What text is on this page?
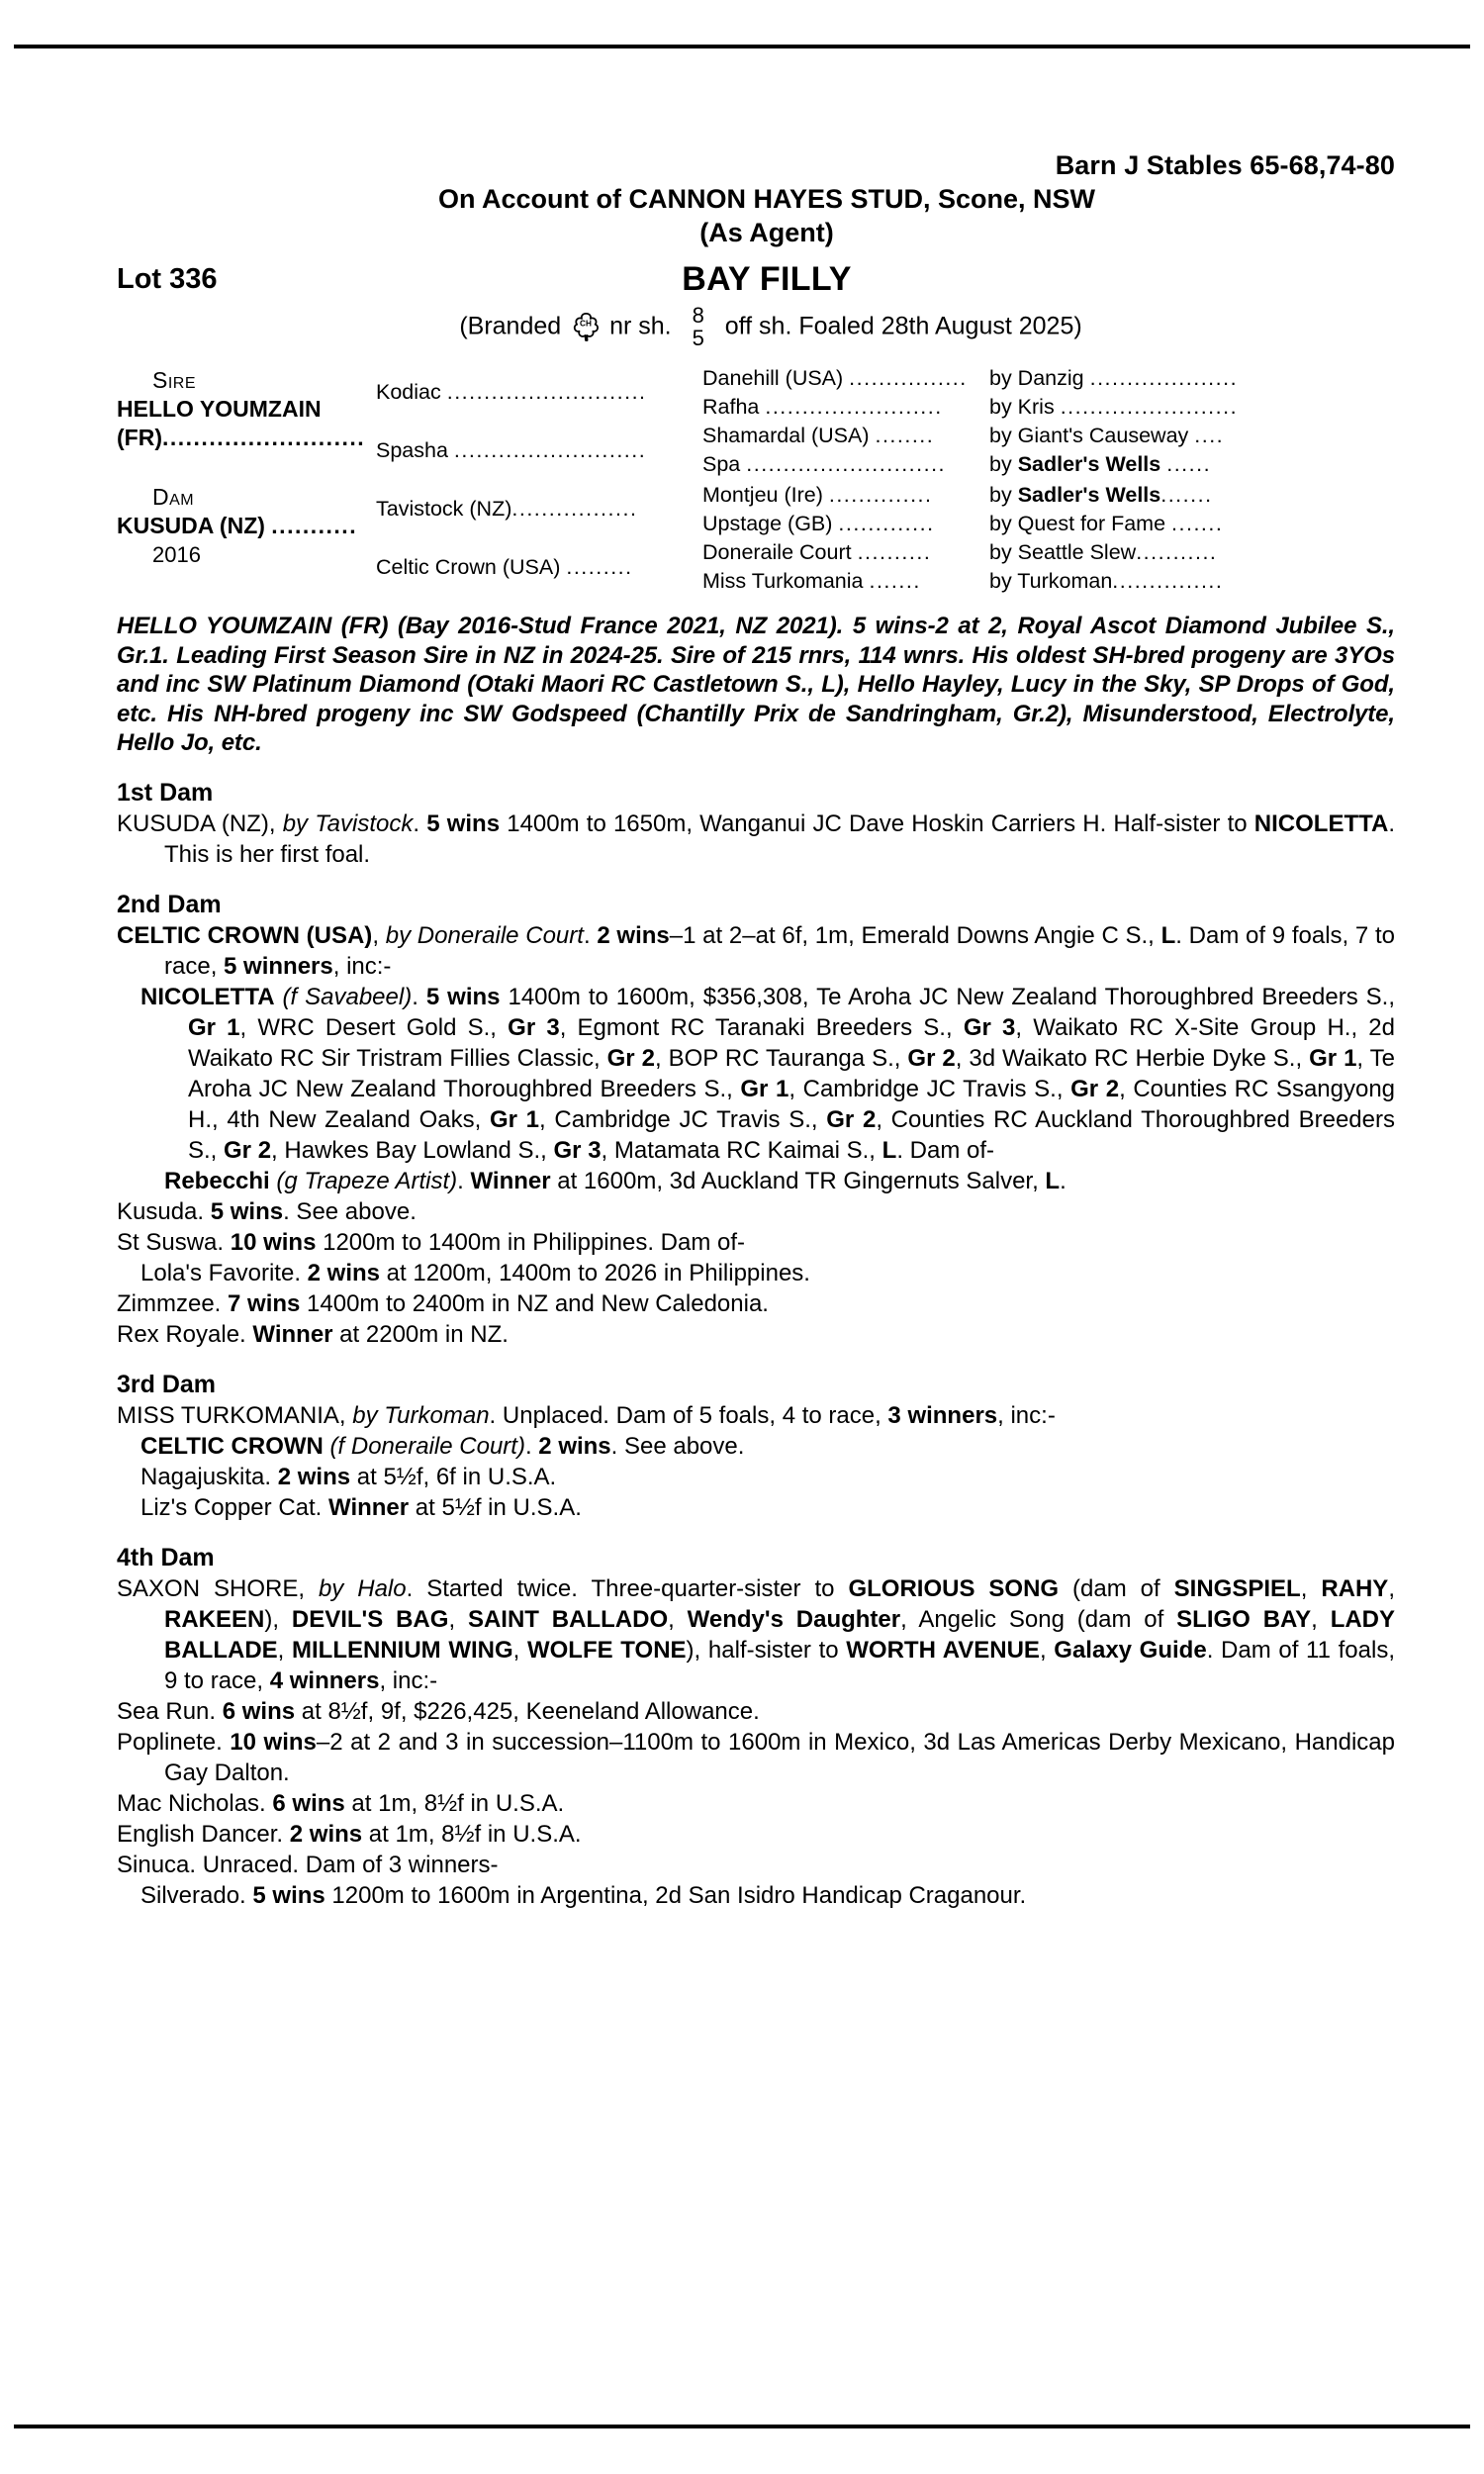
Barn J Stables 65-68,74-80
On Account of CANNON HAYES STUD, Scone, NSW
(As Agent)
Lot 336	BAY FILLY
(Branded CH nr sh. 8
5 off sh. Foaled 28th August 2025)
Sire
HELLO YOUMZAIN
(FR)..........................
Kodiac ...........................
Spasha ..........................
Danehill (USA) ................
Rafha ........................
Shamardal (USA) ........
Spa ...........................
by Danzig ....................
by Kris ........................
by Giant's Causeway ....
by Sadler's Wells ......
Dam
KUSUDA (NZ) ...........
2016
Tavistock (NZ).................
Celtic Crown (USA) .........
Montjeu (Ire) ..............
Upstage (GB) .............
Doneraile Court ..........
Miss Turkomania .......
by Sadler's Wells.......
by Quest for Fame .......
by Seattle Slew...........
by Turkoman...............
HELLO YOUMZAIN (FR) (Bay 2016-Stud France 2021, NZ 2021). 5 wins-2 at 2, Royal Ascot Diamond Jubilee S., Gr.1. Leading First Season Sire in NZ in 2024-25. Sire of 215 rnrs, 114 wnrs. His oldest SH-bred progeny are 3YOs and inc SW Platinum Diamond (Otaki Maori RC Castletown S., L), Hello Hayley, Lucy in the Sky, SP Drops of God, etc. His NH-bred progeny inc SW Godspeed (Chantilly Prix de Sandringham, Gr.2), Misunderstood, Electrolyte, Hello Jo, etc.
1st Dam
KUSUDA (NZ), by Tavistock. 5 wins 1400m to 1650m, Wanganui JC Dave Hoskin Carriers H. Half-sister to NICOLETTA. This is her first foal.
2nd Dam
CELTIC CROWN (USA), by Doneraile Court. 2 wins–1 at 2–at 6f, 1m, Emerald Downs Angie C S., L. Dam of 9 foals, 7 to race, 5 winners, inc:-
NICOLETTA (f Savabeel). 5 wins 1400m to 1600m, $356,308, Te Aroha JC New Zealand Thoroughbred Breeders S., Gr 1, WRC Desert Gold S., Gr 3, Egmont RC Taranaki Breeders S., Gr 3, Waikato RC X-Site Group H., 2d Waikato RC Sir Tristram Fillies Classic, Gr 2, BOP RC Tauranga S., Gr 2, 3d Waikato RC Herbie Dyke S., Gr 1, Te Aroha JC New Zealand Thoroughbred Breeders S., Gr 1, Cambridge JC Travis S., Gr 2, Counties RC Ssangyong H., 4th New Zealand Oaks, Gr 1, Cambridge JC Travis S., Gr 2, Counties RC Auckland Thoroughbred Breeders S., Gr 2, Hawkes Bay Lowland S., Gr 3, Matamata RC Kaimai S., L. Dam of-
Rebecchi (g Trapeze Artist). Winner at 1600m, 3d Auckland TR Gingernuts Salver, L.
Kusuda. 5 wins. See above.
St Suswa. 10 wins 1200m to 1400m in Philippines. Dam of-
Lola's Favorite. 2 wins at 1200m, 1400m to 2026 in Philippines.
Zimmzee. 7 wins 1400m to 2400m in NZ and New Caledonia.
Rex Royale. Winner at 2200m in NZ.
3rd Dam
MISS TURKOMANIA, by Turkoman. Unplaced. Dam of 5 foals, 4 to race, 3 winners, inc:-
CELTIC CROWN (f Doneraile Court). 2 wins. See above.
Nagajuskita. 2 wins at 5½f, 6f in U.S.A.
Liz's Copper Cat. Winner at 5½f in U.S.A.
4th Dam
SAXON SHORE, by Halo. Started twice. Three-quarter-sister to GLORIOUS SONG (dam of SINGSPIEL, RAHY, RAKEEN), DEVIL'S BAG, SAINT BALLADO, Wendy's Daughter, Angelic Song (dam of SLIGO BAY, LADY BALLADE, MILLENNIUM WING, WOLFE TONE), half-sister to WORTH AVENUE, Galaxy Guide. Dam of 11 foals, 9 to race, 4 winners, inc:-
Sea Run. 6 wins at 8½f, 9f, $226,425, Keeneland Allowance.
Poplinete. 10 wins–2 at 2 and 3 in succession–1100m to 1600m in Mexico, 3d Las Americas Derby Mexicano, Handicap Gay Dalton.
Mac Nicholas. 6 wins at 1m, 8½f in U.S.A.
English Dancer. 2 wins at 1m, 8½f in U.S.A.
Sinuca. Unraced. Dam of 3 winners-
Silverado. 5 wins 1200m to 1600m in Argentina, 2d San Isidro Handicap Craganour.
